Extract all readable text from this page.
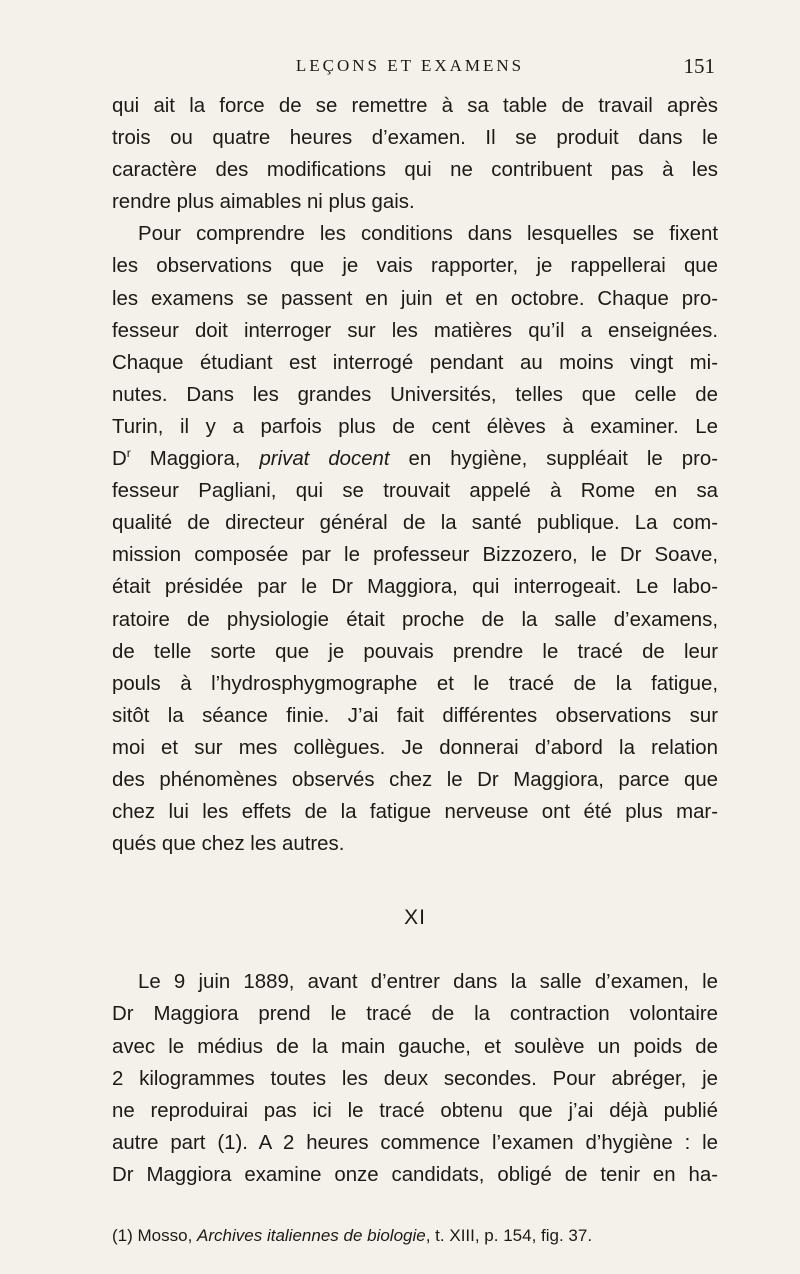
LEÇONS ET EXAMENS	151

qui ait la force de se remettre à sa table de travail après
trois ou quatre heures d’examen. Il se produit dans le
caractère des modifications qui ne contribuent pas à les
rendre plus aimables ni plus gais.

Pour comprendre les conditions dans lesquelles se fixent
les observations que je vais rapporter, je rappellerai que
les examens se passent en juin et en octobre. Chaque pro-
fesseur doit interroger sur les matières qu’il a enseignées.
Chaque étudiant est interrogé pendant au moins vingt mi-
nutes. Dans les grandes Universités, telles que celle de
Turin, il y a parfois plus de cent élèves à examiner. Le
$D^r$ Maggiora, privat docent en hygiène, suppléait le pro-
fesseur Pagliani, qui se trouvait appelé à Rome en sa
qualité de directeur général de la santé publique. La com-
mission composée par le professeur Bizzozero, le Dr Soave,
était présidée par le Dr Maggiora, qui interrogeait. Le labo-
ratoire de physiologie était proche de la salle d’examens,
de telle sorte que je pouvais prendre le tracé de leur
pouls à l’hydrosphygmographe et le tracé de la fatigue,
sitôt la séance finie. J’ai fait différentes observations sur
moi et sur mes collègues. Je donnerai d’abord la relation
des phénomènes observés chez le Dr Maggiora, parce que
chez lui les effets de la fatigue nerveuse ont été plus mar-
qués que chez les autres.

XI

Le 9 juin 1889, avant d’entrer dans la salle d’examen, le
Dr Maggiora prend le tracé de la contraction volontaire
avec le médius de la main gauche, et soulève un poids de
2 kilogrammes toutes les deux secondes. Pour abréger, je
ne reproduirai pas ici le tracé obtenu que j’ai déjà publié
autre part (1). A 2 heures commence l’examen d’hygiène : le
Dr Maggiora examine onze candidats, obligé de tenir en ha-

(1) Mosso, Archives italiennes de biologie, t. XIII, p. 154, fig. 37.
